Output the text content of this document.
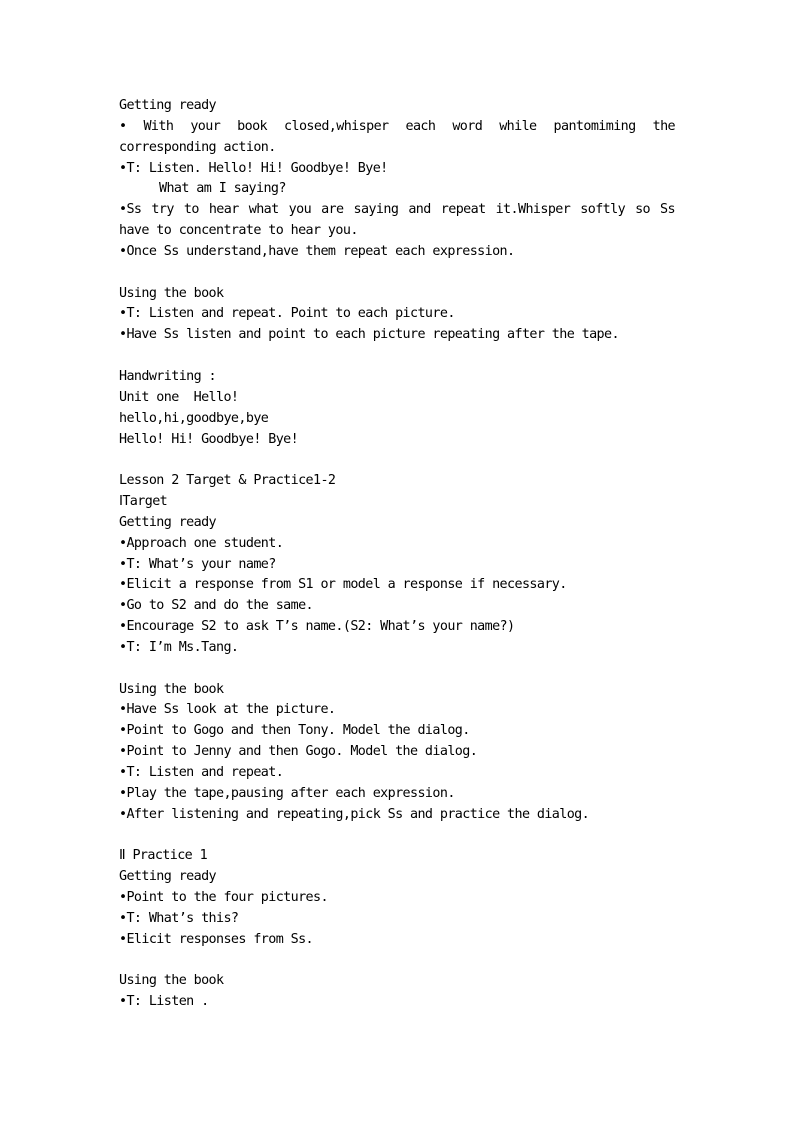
Getting ready
• With your book closed,whisper each word while pantomiming the
corresponding action.
•T: Listen. Hello! Hi! Goodbye! Bye!
What am I saying?
•Ss try to hear what you are saying and repeat it.Whisper softly so Ss
have to concentrate to hear you.
•Once Ss understand,have them repeat each expression.
Using the book
•T: Listen and repeat. Point to each picture.
•Have Ss listen and point to each picture repeating after the tape.
Handwriting :
Unit one  Hello!
hello,hi,goodbye,bye
Hello! Hi! Goodbye! Bye!
Lesson 2 Target & Practice1-2
ⅠTarget
Getting ready
•Approach one student.
•T: What’s your name?
•Elicit a response from S1 or model a response if necessary.
•Go to S2 and do the same.
•Encourage S2 to ask T’s name.(S2: What’s your name?)
•T: I’m Ms.Tang.
Using the book
•Have Ss look at the picture.
•Point to Gogo and then Tony. Model the dialog.
•Point to Jenny and then Gogo. Model the dialog.
•T: Listen and repeat.
•Play the tape,pausing after each expression.
•After listening and repeating,pick Ss and practice the dialog.
Ⅱ Practice 1
Getting ready
•Point to the four pictures.
•T: What’s this?
•Elicit responses from Ss.
Using the book
•T: Listen .
